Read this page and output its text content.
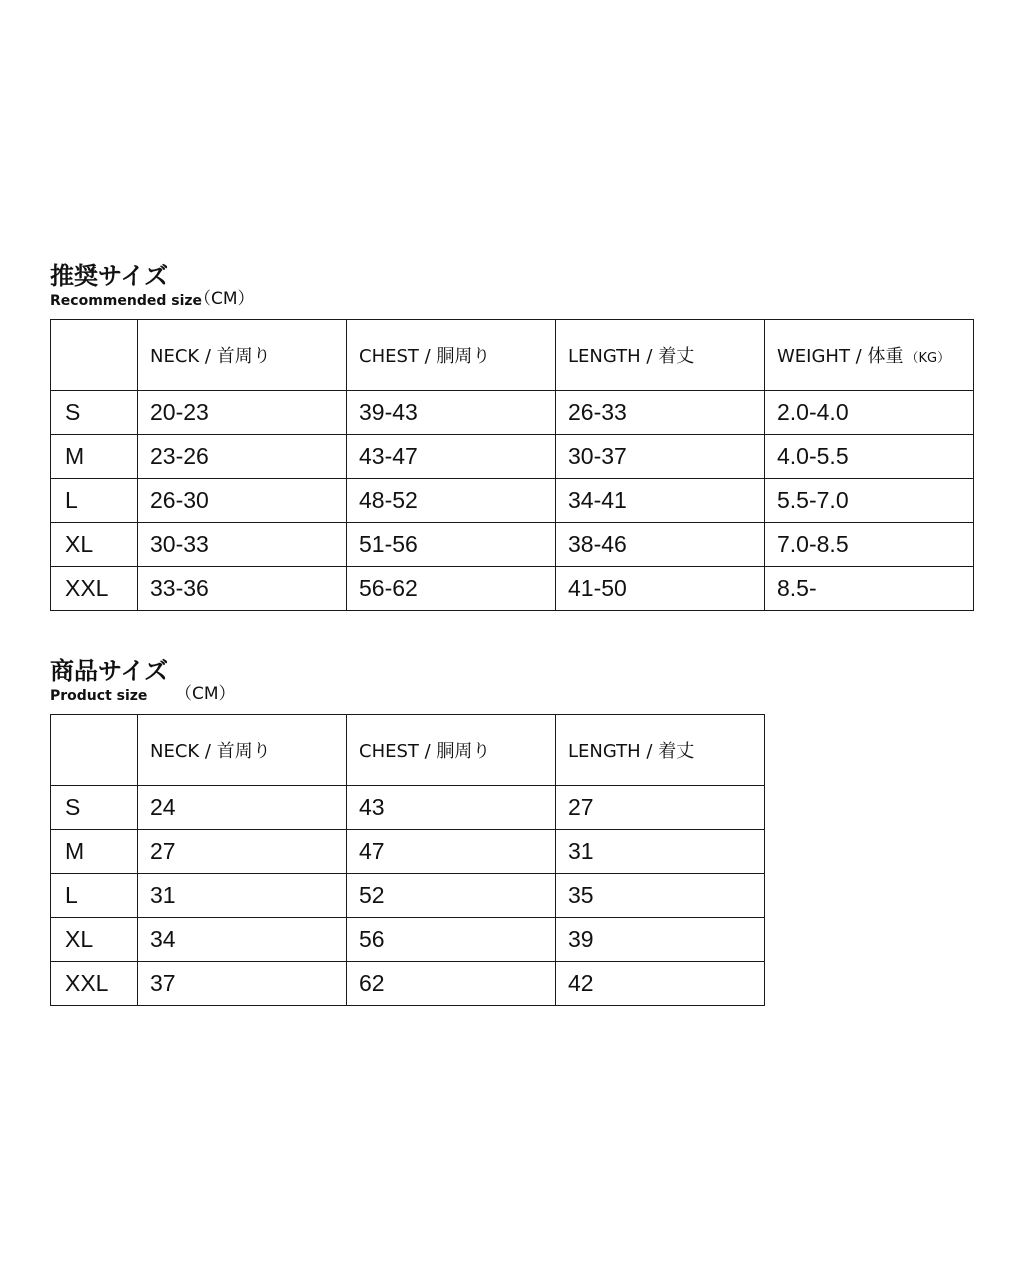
推奨サイズ
Recommended size
（CM）
	NECK / 首周り	CHEST / 胴周り	LENGTH / 着丈	WEIGHT / 体重 （KG）
S	20-23	39-43	26-33	2.0-4.0
M	23-26	43-47	30-37	4.0-5.5
L	26-30	48-52	34-41	5.5-7.0
XL	30-33	51-56	38-46	7.0-8.5
XXL	33-36	56-62	41-50	8.5-
商品サイズ
Product size （CM）
	NECK / 首周り	CHEST / 胴周り	LENGTH / 着丈
S	24	43	27
M	27	47	31
L	31	52	35
XL	34	56	39
XXL	37	62	42
